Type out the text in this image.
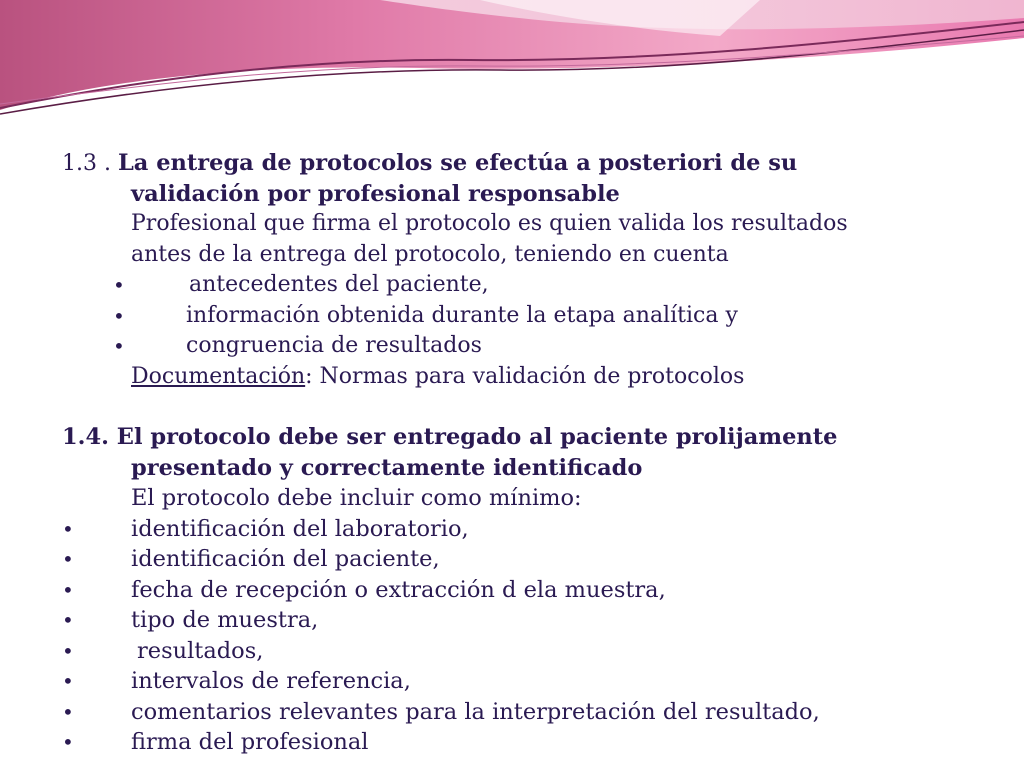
1.3 . La entrega de protocolos se efectúa a posteriori de su
validación por profesional responsable
Profesional que firma el protocolo es quien valida los resultados
antes de la entrega del protocolo, teniendo en cuenta
•	antecedentes del paciente,
•	información obtenida durante la etapa analítica y
•	congruencia de resultados
Documentación: Normas para validación de protocolos
1.4. El protocolo debe ser entregado al paciente prolijamente
presentado y correctamente identificado
El protocolo debe incluir como mínimo:
•	identificación del laboratorio,
•	identificación del paciente,
•	fecha de recepción o extracción d ela muestra,
•	tipo de muestra,
•	resultados,
•	intervalos de referencia,
•	comentarios relevantes para la interpretación del resultado,
•	firma del profesional
